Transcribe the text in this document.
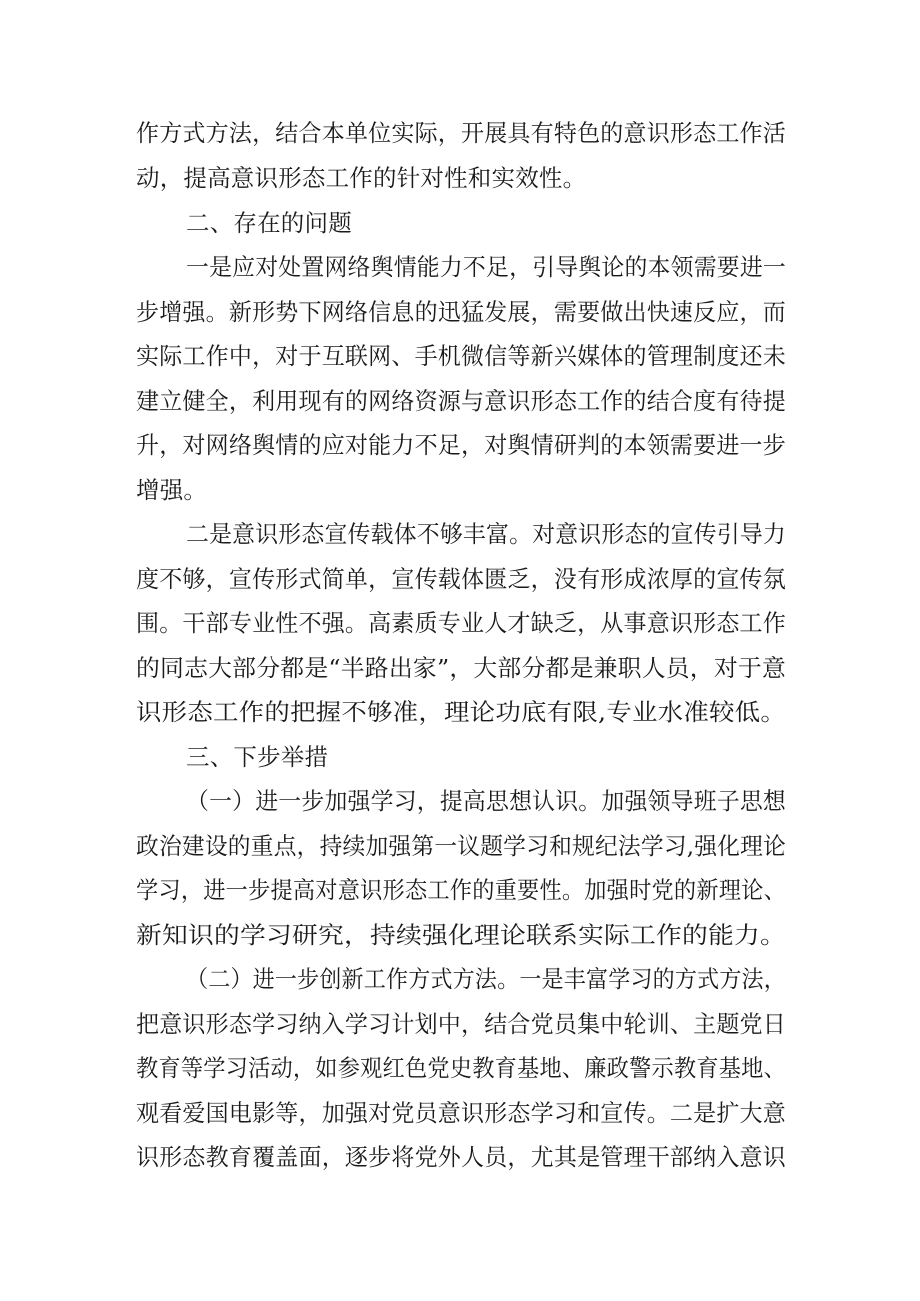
作方式方法，结合本单位实际，开展具有特色的意识形态工作活
动，提高意识形态工作的针对性和实效性。
二、存在的问题
一是应对处置网络舆情能力不足，引导舆论的本领需要进一
步增强。新形势下网络信息的迅猛发展，需要做出快速反应，而
实际工作中，对于互联网、手机微信等新兴媒体的管理制度还未
建立健全，利用现有的网络资源与意识形态工作的结合度有待提
升，对网络舆情的应对能力不足，对舆情研判的本领需要进一步
增强。
二是意识形态宣传载体不够丰富。对意识形态的宣传引导力
度不够，宣传形式简单，宣传载体匮乏，没有形成浓厚的宣传氛
围。干部专业性不强。高素质专业人才缺乏，从事意识形态工作
的同志大部分都是“半路出家”，大部分都是兼职人员，对于意
识形态工作的把握不够准，理论功底有限,专业水准较低。
三、下步举措
（一）进一步加强学习，提高思想认识。加强领导班子思想
政治建设的重点，持续加强第一议题学习和规纪法学习,强化理论
学习，进一步提高对意识形态工作的重要性。加强时党的新理论、
新知识的学习研究，持续强化理论联系实际工作的能力。
（二）进一步创新工作方式方法。一是丰富学习的方式方法，
把意识形态学习纳入学习计划中，结合党员集中轮训、主题党日
教育等学习活动，如参观红色党史教育基地、廉政警示教育基地、
观看爱国电影等，加强对党员意识形态学习和宣传。二是扩大意
识形态教育覆盖面，逐步将党外人员，尤其是管理干部纳入意识
